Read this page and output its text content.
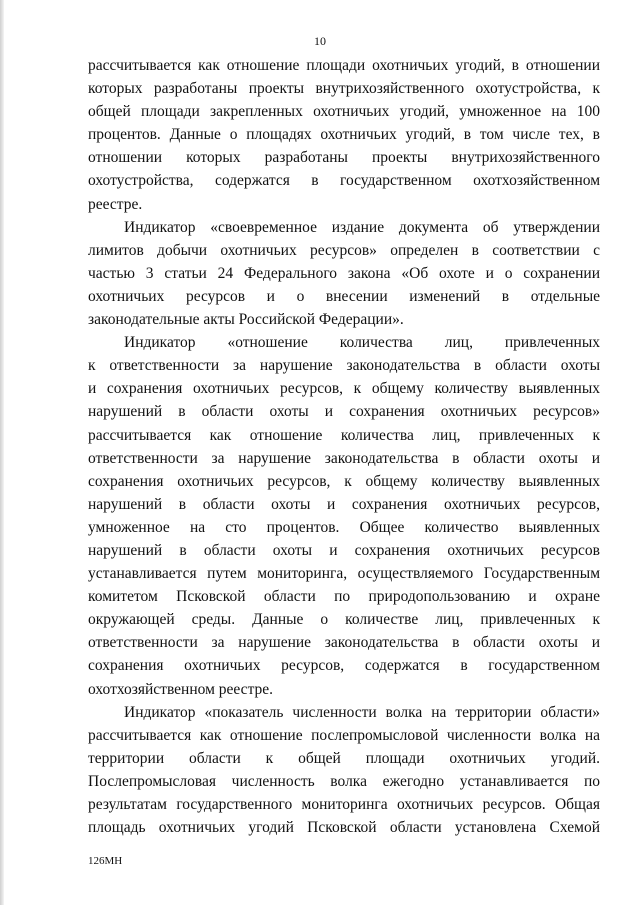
10
рассчитывается как отношение площади охотничьих угодий, в отношении
которых разработаны проекты внутрихозяйственного охотустройства, к
общей площади закрепленных охотничьих угодий, умноженное на 100
процентов. Данные о площадях охотничьих угодий, в том числе тех, в
отношении которых разработаны проекты внутрихозяйственного
охотустройства, содержатся в государственном охотхозяйственном
реестре.
Индикатор «своевременное издание документа об утверждении
лимитов добычи охотничьих ресурсов» определен в соответствии с
частью 3 статьи 24 Федерального закона «Об охоте и о сохранении
охотничьих ресурсов и о внесении изменений в отдельные
законодательные акты Российской Федерации».
Индикатор «отношение количества лиц, привлеченных
к ответственности за нарушение законодательства в области охоты
и сохранения охотничьих ресурсов, к общему количеству выявленных
нарушений в области охоты и сохранения охотничьих ресурсов»
рассчитывается как отношение количества лиц, привлеченных к
ответственности за нарушение законодательства в области охоты и
сохранения охотничьих ресурсов, к общему количеству выявленных
нарушений в области охоты и сохранения охотничьих ресурсов,
умноженное на сто процентов. Общее количество выявленных
нарушений в области охоты и сохранения охотничьих ресурсов
устанавливается путем мониторинга, осуществляемого Государственным
комитетом Псковской области по природопользованию и охране
окружающей среды. Данные о количестве лиц, привлеченных к
ответственности за нарушение законодательства в области охоты и
сохранения охотничьих ресурсов, содержатся в государственном
охотхозяйственном реестре.
Индикатор «показатель численности волка на территории области»
рассчитывается как отношение послепромысловой численности волка на
территории области к общей площади охотничьих угодий.
Послепромысловая численность волка ежегодно устанавливается по
результатам государственного мониторинга охотничьих ресурсов. Общая
площадь охотничьих угодий Псковской области установлена Схемой
126МН
